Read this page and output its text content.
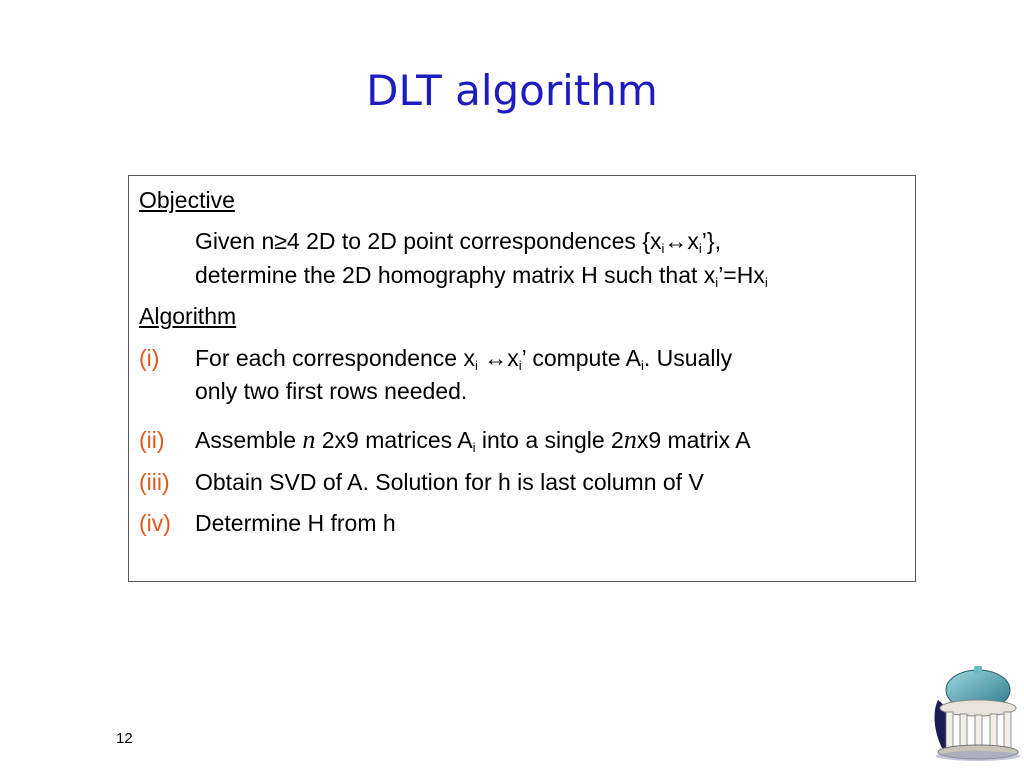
DLT algorithm
Objective
Given n≥4 2D to 2D point correspondences $\{x_i\leftrightarrow x_i’\}$,
determine the 2D homography matrix H such that $x_i’=Hx_i$
Algorithm
(i) For each correspondence $x_i$ $\leftrightarrow x_i$’ compute $A_i$. Usually
only two first rows needed.
(ii) Assemble n 2x9 matrices $A_i$ into a single 2nx9 matrix A
(iii) Obtain SVD of A. Solution for h is last column of V
(iv) Determine H from h
12
